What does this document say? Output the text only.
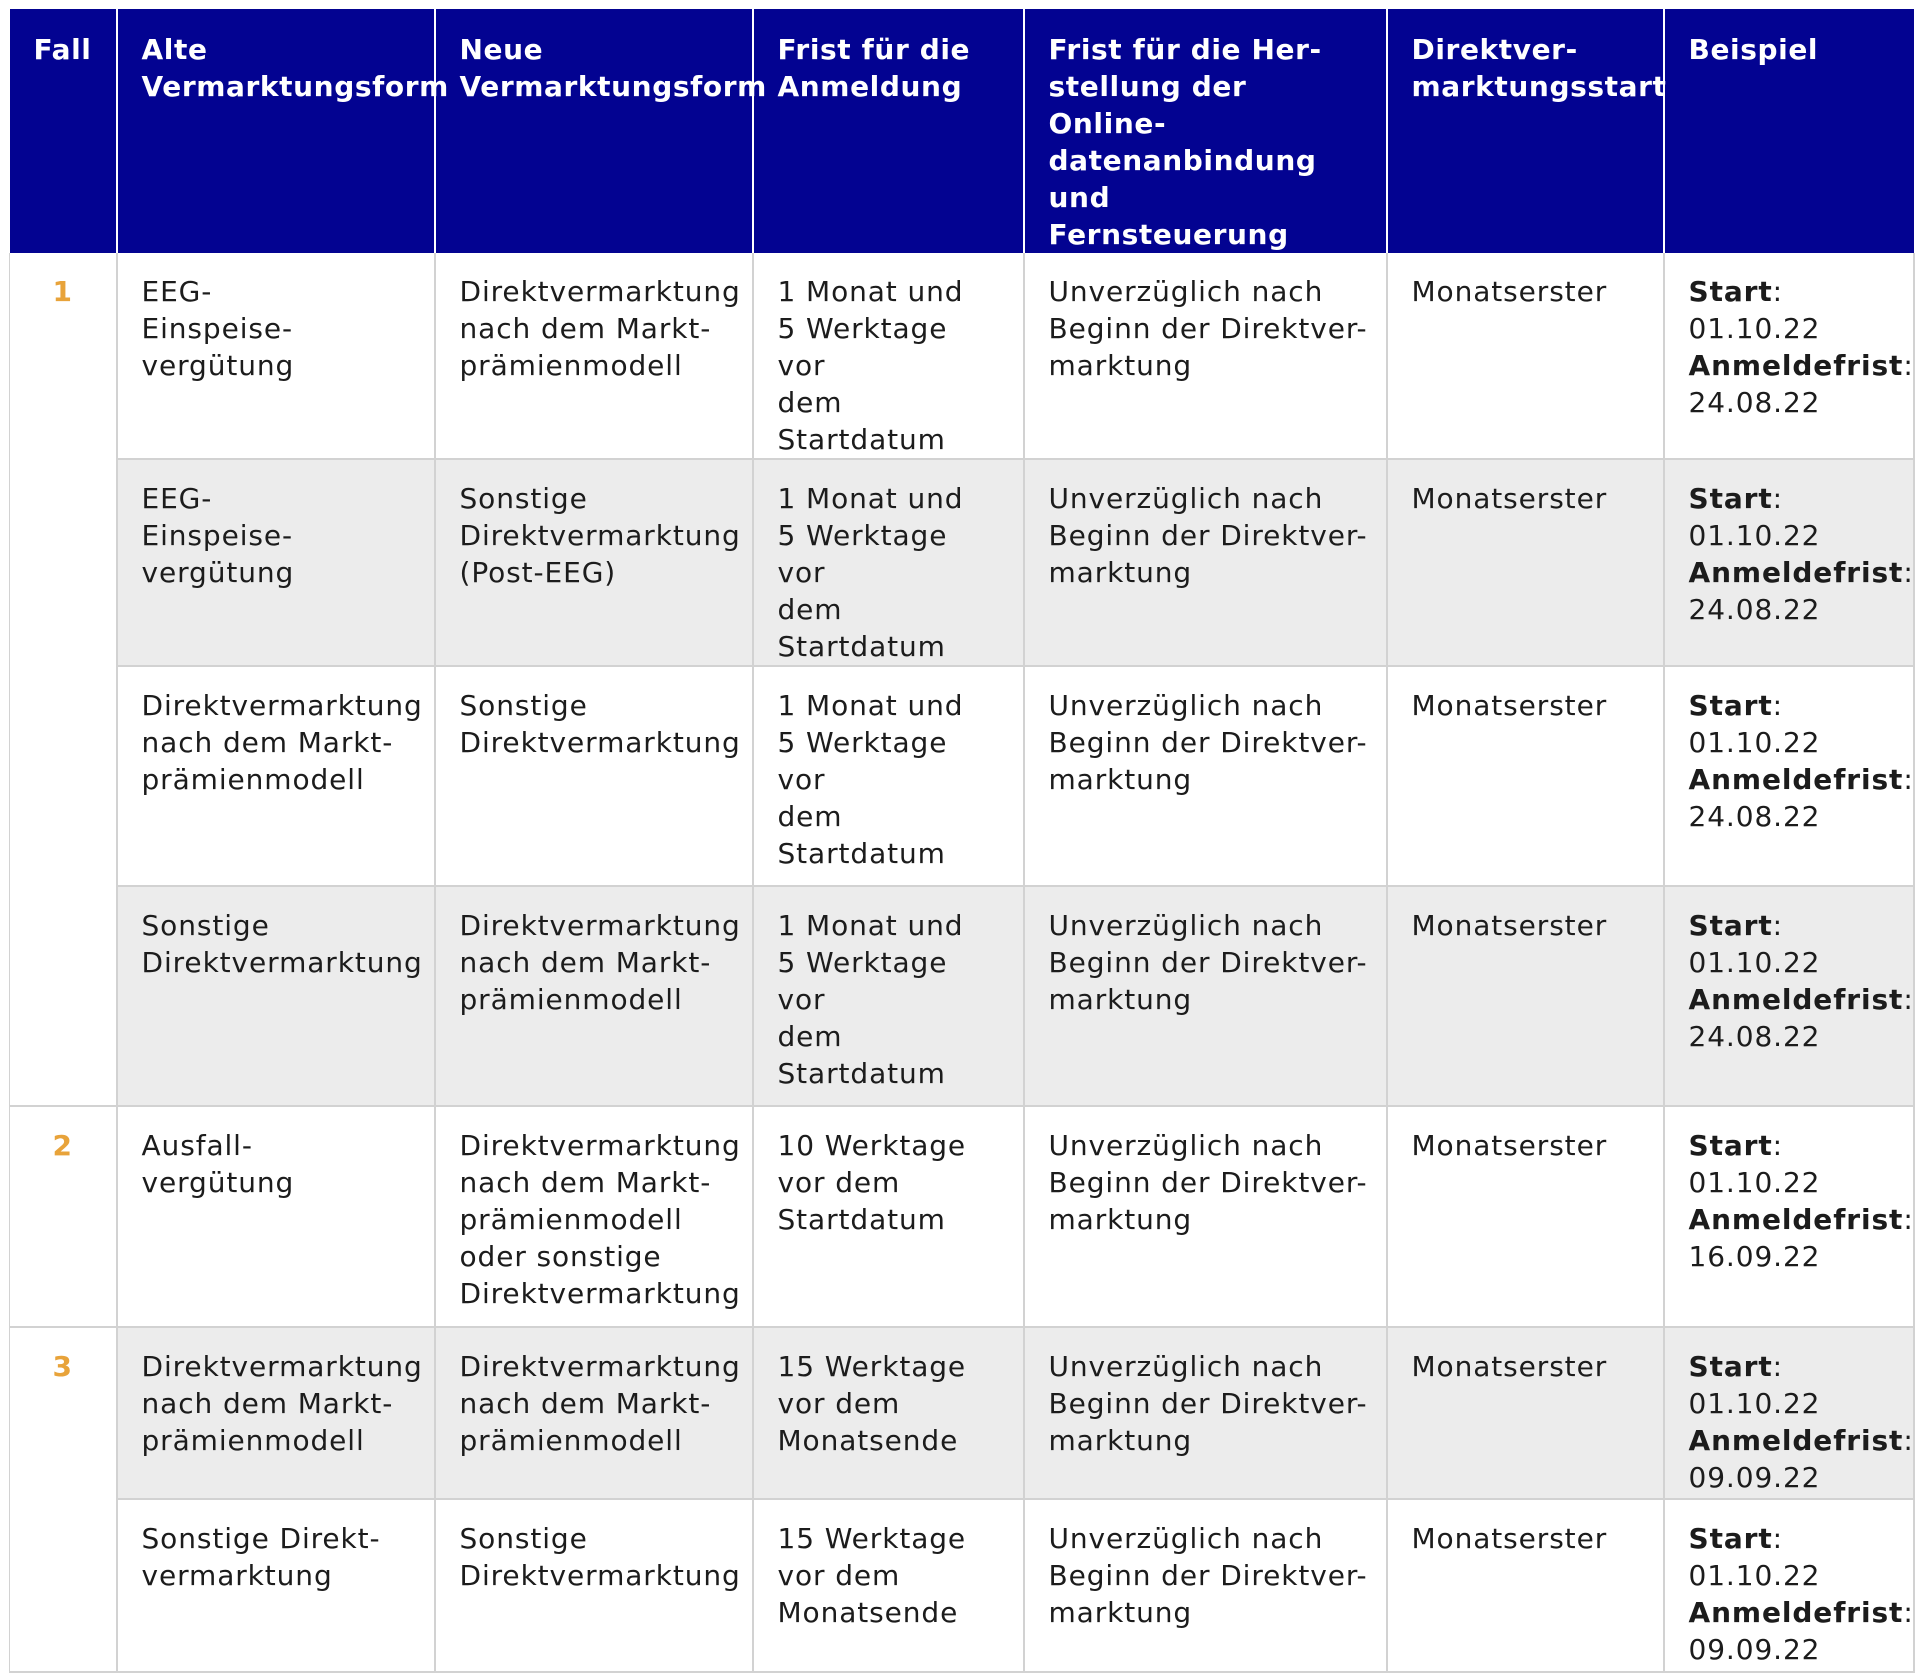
Fall	Alte
Vermarktungsform	Neue
Vermarktungsform	Frist für die
Anmeldung	Frist für die Her-
stellung der Online-
datenanbindung und
Fernsteuerung	Direktver-
marktungsstart	Beispiel
1	EEG-
Einspeise-
vergütung	Direktvermarktung
nach dem Markt-
prämienmodell	1 Monat und
5 Werktage vor
dem Startdatum	Unverzüglich nach
Beginn der Direktver-
marktung	Monatserster	Start: 01.10.22
Anmeldefrist:
24.08.22
	EEG-
Einspeise-
vergütung	Sonstige
Direktvermarktung
(Post-EEG)	1 Monat und
5 Werktage vor
dem Startdatum	Unverzüglich nach
Beginn der Direktver-
marktung	Monatserster	Start: 01.10.22
Anmeldefrist:
24.08.22
	Direktvermarktung
nach dem Markt-
prämienmodell	Sonstige
Direktvermarktung	1 Monat und
5 Werktage vor
dem Startdatum	Unverzüglich nach
Beginn der Direktver-
marktung	Monatserster	Start: 01.10.22
Anmeldefrist:
24.08.22
	Sonstige
Direktvermarktung	Direktvermarktung
nach dem Markt-
prämienmodell	1 Monat und
5 Werktage vor
dem Startdatum	Unverzüglich nach
Beginn der Direktver-
marktung	Monatserster	Start: 01.10.22
Anmeldefrist:
24.08.22
2	Ausfall-
vergütung	Direktvermarktung
nach dem Markt-
prämienmodell
oder sonstige
Direktvermarktung	10 Werktage
vor dem
Startdatum	Unverzüglich nach
Beginn der Direktver-
marktung	Monatserster	Start: 01.10.22
Anmeldefrist:
16.09.22
3	Direktvermarktung
nach dem Markt-
prämienmodell	Direktvermarktung
nach dem Markt-
prämienmodell	15 Werktage
vor dem
Monatsende	Unverzüglich nach
Beginn der Direktver-
marktung	Monatserster	Start: 01.10.22
Anmeldefrist:
09.09.22
	Sonstige Direkt-
vermarktung	Sonstige
Direktvermarktung	15 Werktage
vor dem
Monatsende	Unverzüglich nach
Beginn der Direktver-
marktung	Monatserster	Start: 01.10.22
Anmeldefrist:
09.09.22
